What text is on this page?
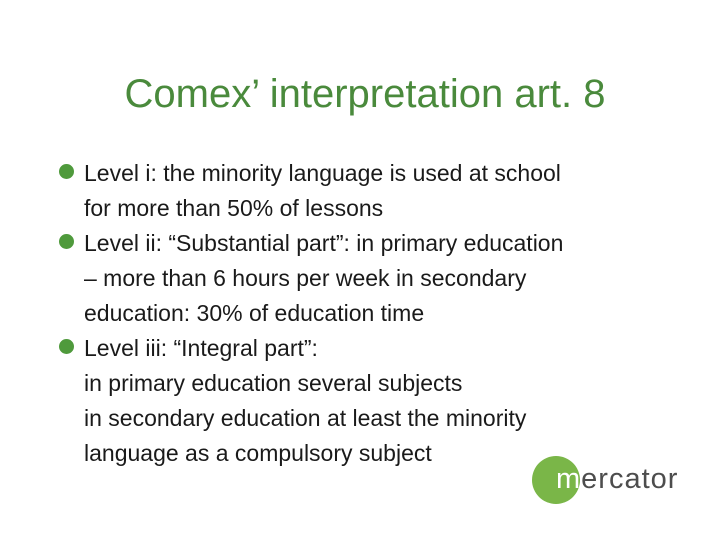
Comex’ interpretation art. 8
Level i: the minority language is used at school
for more than 50% of lessons
Level ii: “Substantial part”: in primary education
– more than 6 hours per week in secondary
education: 30% of education time
Level iii: “Integral part”:
in primary education several subjects
in secondary education at least the minority
language as a compulsory subject
mercator
